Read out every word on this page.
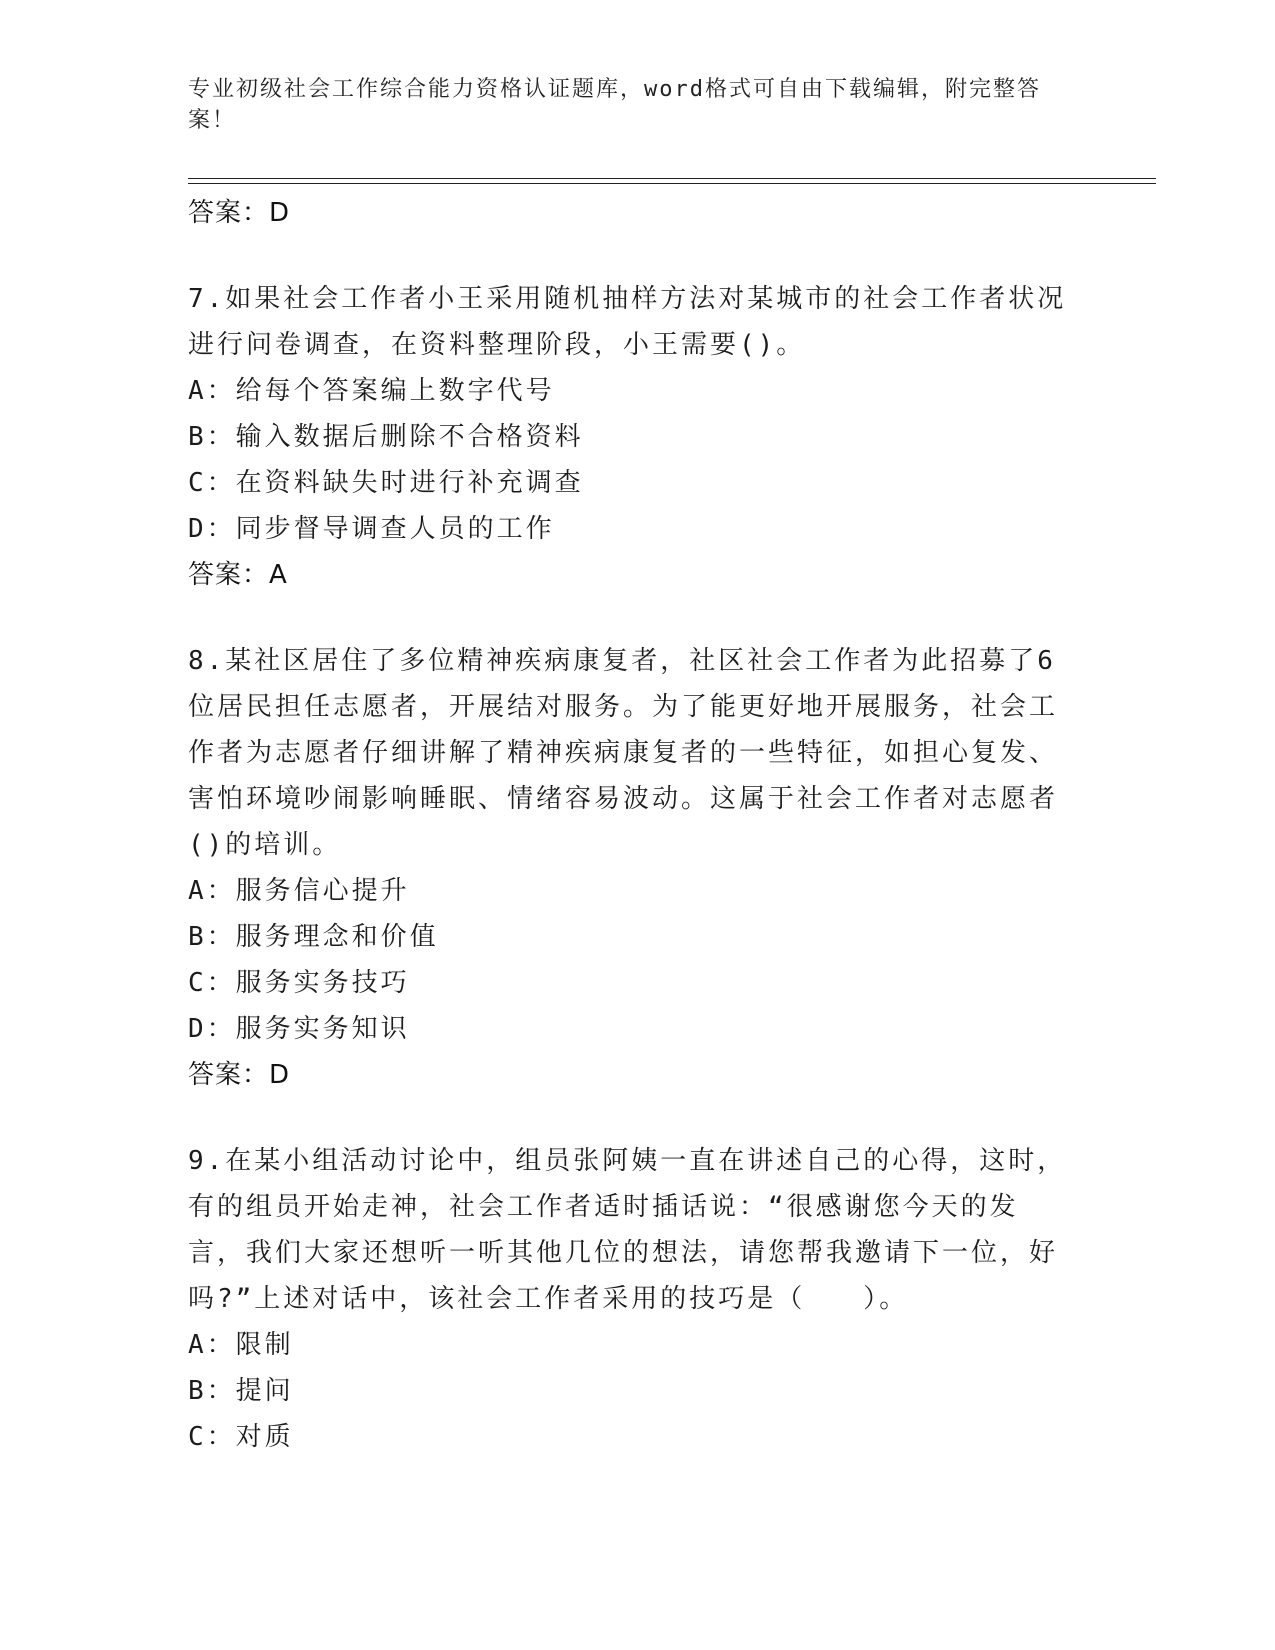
专业初级社会工作综合能力资格认证题库，word格式可自由下载编辑，附完整答案！
答案：D
7.如果社会工作者小王采用随机抽样方法对某城市的社会工作者状况进行问卷调查，在资料整理阶段，小王需要()。
A：给每个答案编上数字代号
B：输入数据后删除不合格资料
C：在资料缺失时进行补充调查
D：同步督导调查人员的工作
答案：A
8.某社区居住了多位精神疾病康复者，社区社会工作者为此招募了6位居民担任志愿者，开展结对服务。为了能更好地开展服务，社会工作者为志愿者仔细讲解了精神疾病康复者的一些特征，如担心复发、害怕环境吵闹影响睡眠、情绪容易波动。这属于社会工作者对志愿者()的培训。
A：服务信心提升
B：服务理念和价值
C：服务实务技巧
D：服务实务知识
答案：D
9.在某小组活动讨论中，组员张阿姨一直在讲述自己的心得，这时，有的组员开始走神，社会工作者适时插话说：“很感谢您今天的发言，我们大家还想听一听其他几位的想法，请您帮我邀请下一位，好吗?”上述对话中，该社会工作者采用的技巧是（　　）。
A：限制
B：提问
C：对质
